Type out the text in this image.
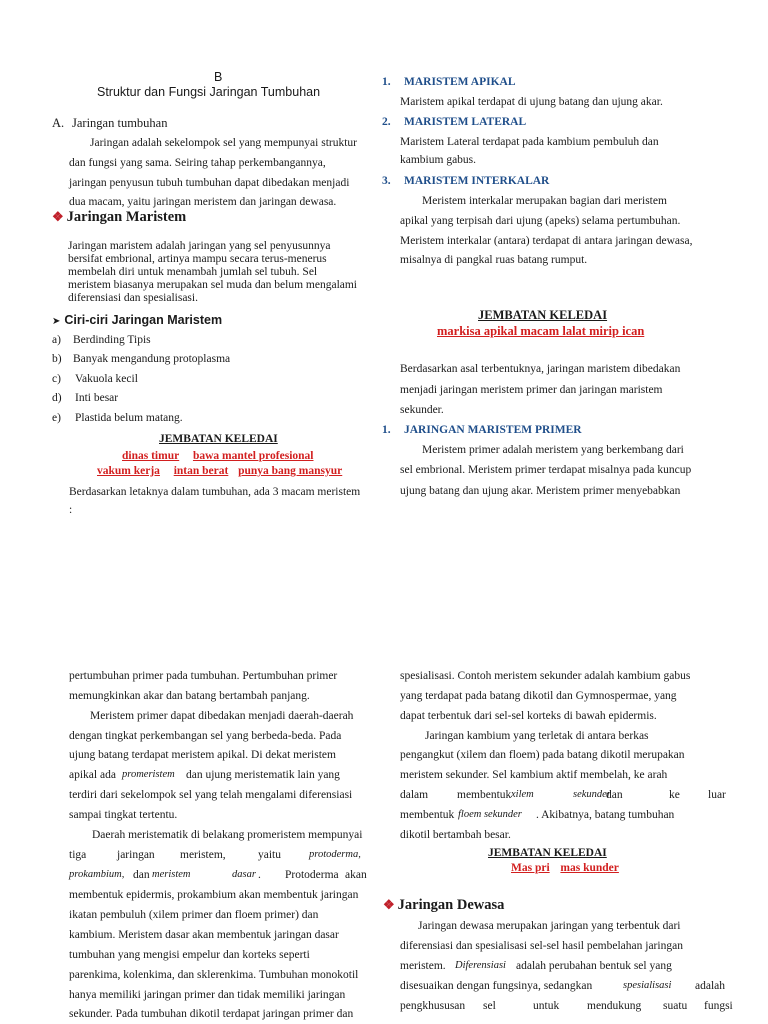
B
Struktur dan Fungsi Jaringan Tumbuhan
A. Jaringan tumbuhan
Jaringan adalah sekelompok sel yang mempunyai struktur
dan fungsi yang sama. Seiring tahap perkembangannya,
jaringan penyusun tubuh tumbuhan dapat dibedakan menjadi
dua macam, yaitu jaringan meristem dan jaringan dewasa.
❖ Jaringan Maristem
Jaringan maristem adalah jaringan yang sel penyusunnya
bersifat embrional, artinya mampu secara terus-menerus
membelah diri untuk menambah jumlah sel tubuh. Sel
meristem biasanya merupakan sel muda dan belum mengalami
diferensiasi dan spesialisasi.
➤ Ciri-ciri Jaringan Maristem
a) Berdinding Tipis
b) Banyak mengandung protoplasma
c) Vakuola kecil
d) Inti besar
e) Plastida belum matang.
JEMBATAN KELEDAI
dinas timur bawa mantel profesional
vakum kerja intan berat punya bang mansyur
Berdasarkan letaknya dalam tumbuhan, ada 3 macam meristem
:
1. MARISTEM APIKAL
Maristem apikal terdapat di ujung batang dan ujung akar.
2. MARISTEM LATERAL
Maristem Lateral terdapat pada kambium pembuluh dan
kambium gabus.
3. MARISTEM INTERKALAR
Meristem interkalar merupakan bagian dari meristem
apikal yang terpisah dari ujung (apeks) selama pertumbuhan.
Meristem interkalar (antara) terdapat di antara jaringan dewasa,
misalnya di pangkal ruas batang rumput.
JEMBATAN KELEDAI
markisa apikal macam lalat mirip ican
Berdasarkan asal terbentuknya, jaringan maristem dibedakan
menjadi jaringan meristem primer dan jaringan maristem
sekunder.
1. JARINGAN MARISTEM PRIMER
Meristem primer adalah meristem yang berkembang dari
sel embrional. Meristem primer terdapat misalnya pada kuncup
ujung batang dan ujung akar. Meristem primer menyebabkan
pertumbuhan primer pada tumbuhan. Pertumbuhan primer
memungkinkan akar dan batang bertambah panjang.
Meristem primer dapat dibedakan menjadi daerah-daerah
dengan tingkat perkembangan sel yang berbeda-beda. Pada
ujung batang terdapat meristem apikal. Di dekat meristem
apikal ada promeristem dan ujung meristematik lain yang
terdiri dari sekelompok sel yang telah mengalami diferensiasi
sampai tingkat tertentu.
Daerah meristematik di belakang promeristem mempunyai
tiga	jaringan meristem,	yaitu	protoderma,
prokambium, dan meristem	dasar . Protoderma akan
membentuk epidermis, prokambium akan membentuk jaringan
ikatan pembuluh (xilem primer dan floem primer) dan
kambium. Meristem dasar akan membentuk jaringan dasar
tumbuhan yang mengisi empelur dan korteks seperti
parenkima, kolenkima, dan sklerenkima. Tumbuhan monokotil
hanya memiliki jaringan primer dan tidak memiliki jaringan
sekunder. Pada tumbuhan dikotil terdapat jaringan primer dan
spesialisasi. Contoh meristem sekunder adalah kambium gabus
yang terdapat pada batang dikotil dan Gymnospermae, yang
dapat terbentuk dari sel-sel korteks di bawah epidermis.
Jaringan kambium yang terletak di antara berkas
pengangkut (xilem dan floem) pada batang dikotil merupakan
meristem sekunder. Sel kambium aktif membelah, ke arah
dalam	membentuk xilem	sekunder
dan	ke luar
membentuk floem sekunder . Akibatnya, batang tumbuhan
dikotil bertambah besar.
JEMBATAN KELEDAI
Mas pri mas kunder
❖ Jaringan Dewasa
Jaringan dewasa merupakan jaringan yang terbentuk dari
diferensiasi dan spesialisasi sel-sel hasil pembelahan jaringan
meristem. Diferensiasi adalah perubahan bentuk sel yang
disesuaikan dengan fungsinya, sedangkan	spesialisasi adalah
pengkhususan sel	untuk mendukung suatu fungsi
